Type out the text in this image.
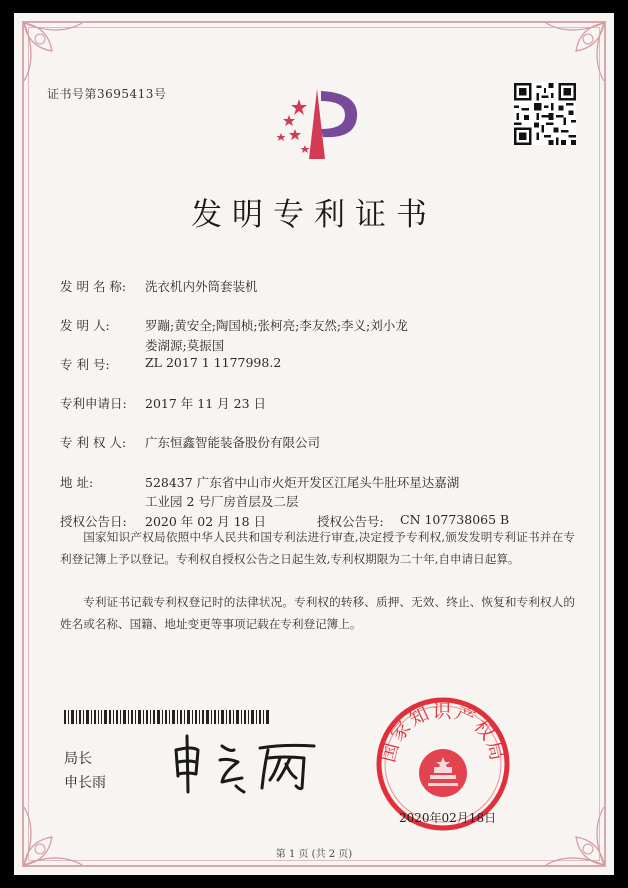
证书号第3695413号
发明专利证书
发 明 名 称: 洗衣机内外筒套装机
发 明 人:	罗蹦;黄安全;陶国桢;张柯亮;李友然;李义;刘小龙
娄湖源;莫振国
专 利 号:	ZL 2017 1 1177998.2
专利申请日: 2017 年 11 月 23 日
专 利 权 人: 广东恒鑫智能装备股份有限公司
地 址:	528437 广东省中山市火炬开发区江尾头牛肚环星达嘉湖
工业园 2 号厂房首层及二层
授权公告日: 2020 年 02 月 18 日	授权公告号: CN 107738065 B
国家知识产权局依照中华人民共和国专利法进行审查,决定授予专利权,颁发发明专利证书并在专利登记簿上予以登记。专利权自授权公告之日起生效,专利权期限为二十年,自申请日起算。
专利证书记载专利权登记时的法律状况。专利权的转移、质押、无效、终止、恢复和专利权人的姓名或名称、国籍、地址变更等事项记载在专利登记簿上。
局长
申长雨
国家知识产权局
2020年02月18日
第 1 页 (共 2 页)
